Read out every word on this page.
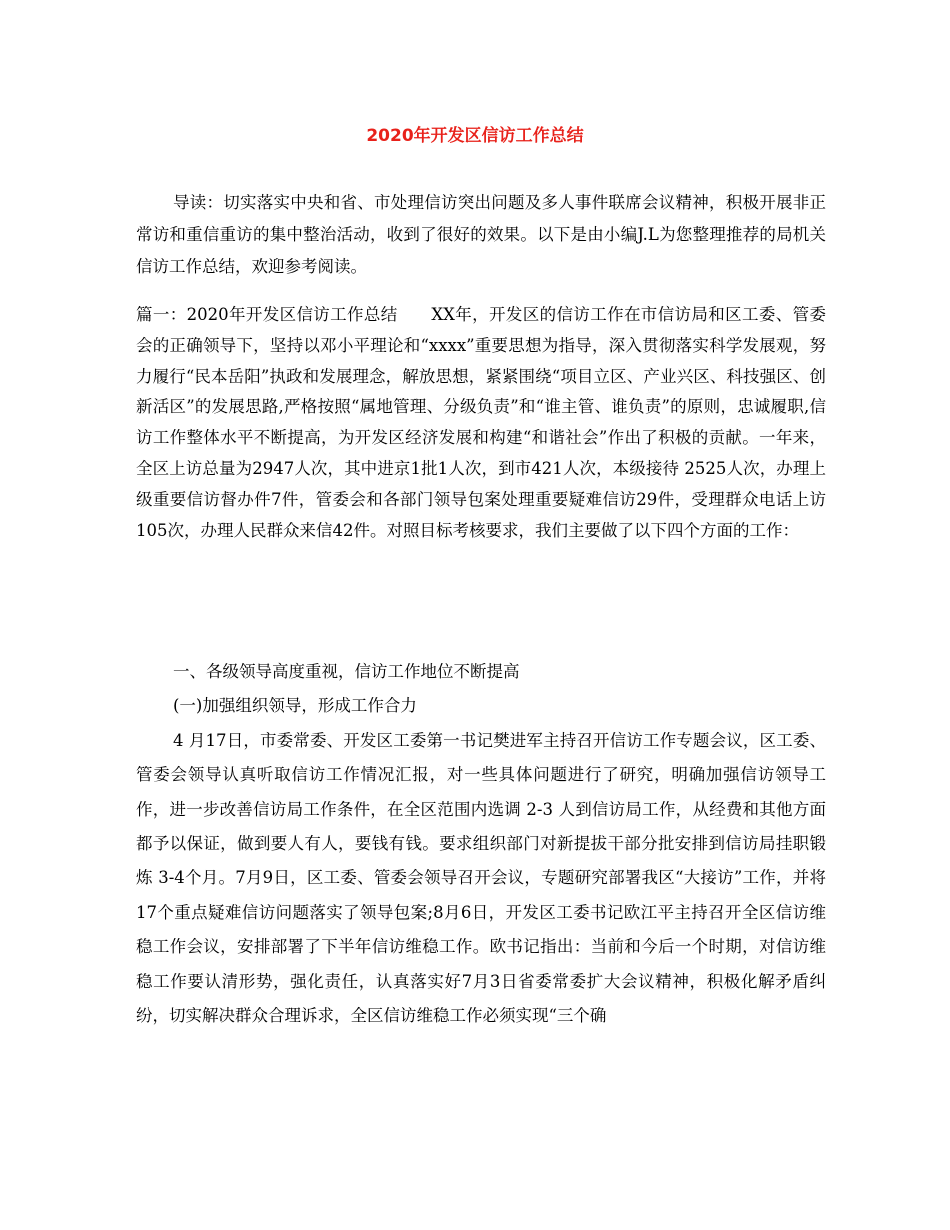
2020年开发区信访工作总结

导读：切实落实中央和省、市处理信访突出问题及多人事件联席会议精神，积极开展非正常访和重信重访的集中整治活动，收到了很好的效果。以下是由小编J.L为您整理推荐的局机关信访工作总结，欢迎参考阅读。

篇一：2020年开发区信访工作总结　　XX年，开发区的信访工作在市信访局和区工委、管委会的正确领导下，坚持以邓小平理论和“xxxx”重要思想为指导，深入贯彻落实科学发展观，努力履行“民本岳阳”执政和发展理念，解放思想，紧紧围绕“项目立区、产业兴区、科技强区、创新活区”的发展思路,严格按照“属地管理、分级负责”和“谁主管、谁负责”的原则，忠诚履职,信访工作整体水平不断提高，为开发区经济发展和构建“和谐社会”作出了积极的贡献。一年来，全区上访总量为2947人次，其中进京1批1人次，到市421人次，本级接待 2525人次，办理上级重要信访督办件7件，管委会和各部门领导包案处理重要疑难信访29件，受理群众电话上访105次，办理人民群众来信42件。对照目标考核要求，我们主要做了以下四个方面的工作：

一、各级领导高度重视，信访工作地位不断提高

(一)加强组织领导，形成工作合力

4 月17日，市委常委、开发区工委第一书记樊进军主持召开信访工作专题会议，区工委、管委会领导认真听取信访工作情况汇报，对一些具体问题进行了研究，明确加强信访领导工作，进一步改善信访局工作条件，在全区范围内选调 2-3 人到信访局工作，从经费和其他方面都予以保证，做到要人有人，要钱有钱。要求组织部门对新提拔干部分批安排到信访局挂职锻炼 3-4个月。7月9日，区工委、管委会领导召开会议，专题研究部署我区“大接访”工作，并将17个重点疑难信访问题落实了领导包案;8月6日，开发区工委书记欧江平主持召开全区信访维稳工作会议，安排部署了下半年信访维稳工作。欧书记指出：当前和今后一个时期，对信访维稳工作要认清形势，强化责任，认真落实好7月3日省委常委扩大会议精神，积极化解矛盾纠纷，切实解决群众合理诉求，全区信访维稳工作必须实现“三个确
